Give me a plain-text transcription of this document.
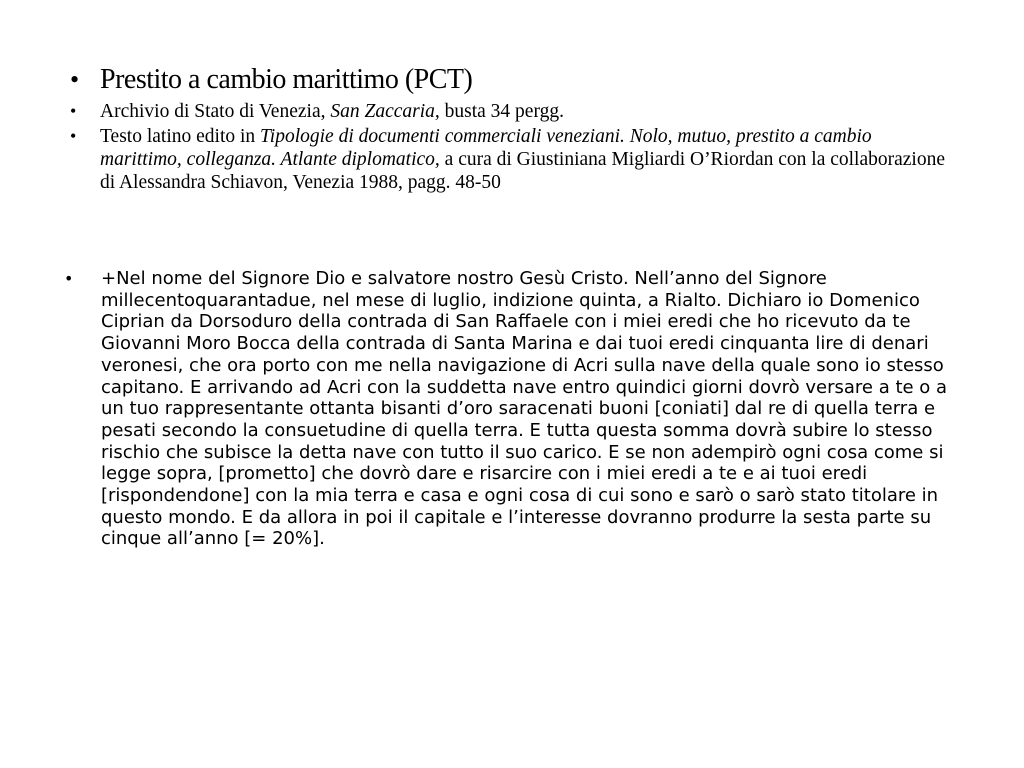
• Prestito a cambio marittimo (PCT)
• Archivio di Stato di Venezia, San Zaccaria, busta 34 pergg.
• Testo latino edito in Tipologie di documenti commerciali veneziani. Nolo, mutuo, prestito a cambio marittimo, colleganza. Atlante diplomatico, a cura di Giustiniana Migliardi O’Riordan con la collaborazione di Alessandra Schiavon, Venezia 1988, pagg. 48-50
• +Nel nome del Signore Dio e salvatore nostro Gesù Cristo. Nell’anno del Signore millecentoquarantadue, nel mese di luglio, indizione quinta, a Rialto. Dichiaro io Domenico Ciprian da Dorsoduro della contrada di San Raffaele con i miei eredi che ho ricevuto da te Giovanni Moro Bocca della contrada di Santa Marina e dai tuoi eredi cinquanta lire di denari veronesi, che ora porto con me nella navigazione di Acri sulla nave della quale sono io stesso capitano. E arrivando ad Acri con la suddetta nave entro quindici giorni dovrò versare a te o a un tuo rappresentante ottanta bisanti d’oro saracenati buoni [coniati] dal re di quella terra e pesati secondo la consuetudine di quella terra. E tutta questa somma dovrà subire lo stesso rischio che subisce la detta nave con tutto il suo carico. E se non adempirò ogni cosa come si legge sopra, [prometto] che dovrò dare e risarcire con i miei eredi a te e ai tuoi eredi [rispondendone] con la mia terra e casa e ogni cosa di cui sono e sarò o sarò stato titolare in questo mondo. E da allora in poi il capitale e l’interesse dovranno produrre la sesta parte su cinque all’anno [= 20%].
